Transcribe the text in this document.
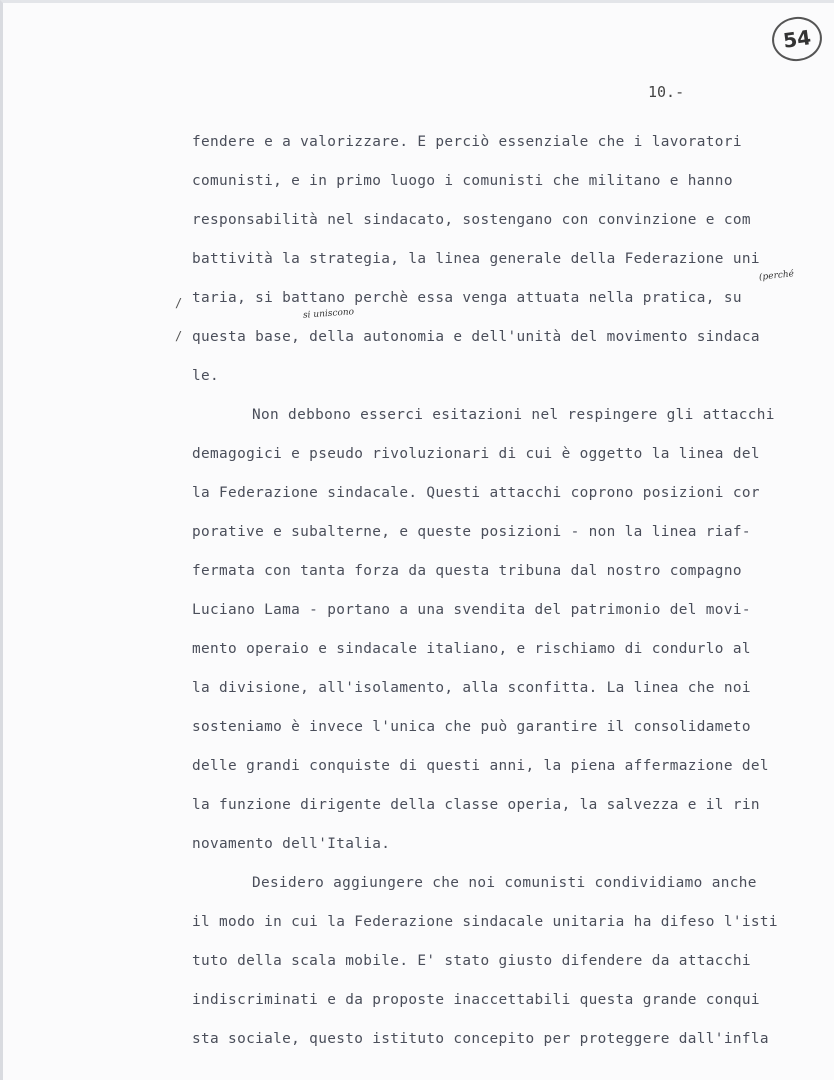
54
10.-
(perché
si uniscono
/
/
fendere e a valorizzare. E perciò essenziale che i lavoratori
comunisti, e in primo luogo i comunisti che militano e hanno
responsabilità nel sindacato, sostengano con convinzione e com
battività la strategia, la linea generale della Federazione uni
taria, si battano perchè essa venga attuata nella pratica, su
questa base, della autonomia e dell'unità del movimento sindaca
le.
Non debbono esserci esitazioni nel respingere gli attacchi
demagogici e pseudo rivoluzionari di cui è oggetto la linea del
la Federazione sindacale. Questi attacchi coprono posizioni cor
porative e subalterne, e queste posizioni - non la linea riaf-
fermata con tanta forza da questa tribuna dal nostro compagno
Luciano Lama - portano a una svendita del patrimonio del movi-
mento operaio e sindacale italiano, e rischiamo di condurlo al
la divisione, all'isolamento, alla sconfitta. La linea che noi
sosteniamo è invece l'unica che può garantire il consolidameto
delle grandi conquiste di questi anni, la piena affermazione del
la funzione dirigente della classe operia, la salvezza e il rin
novamento dell'Italia.
Desidero aggiungere che noi comunisti condividiamo anche
il modo in cui la Federazione sindacale unitaria ha difeso l'isti
tuto della scala mobile. E' stato giusto difendere da attacchi
indiscriminati e da proposte inaccettabili questa grande conqui
sta sociale, questo istituto concepito per proteggere dall'infla
